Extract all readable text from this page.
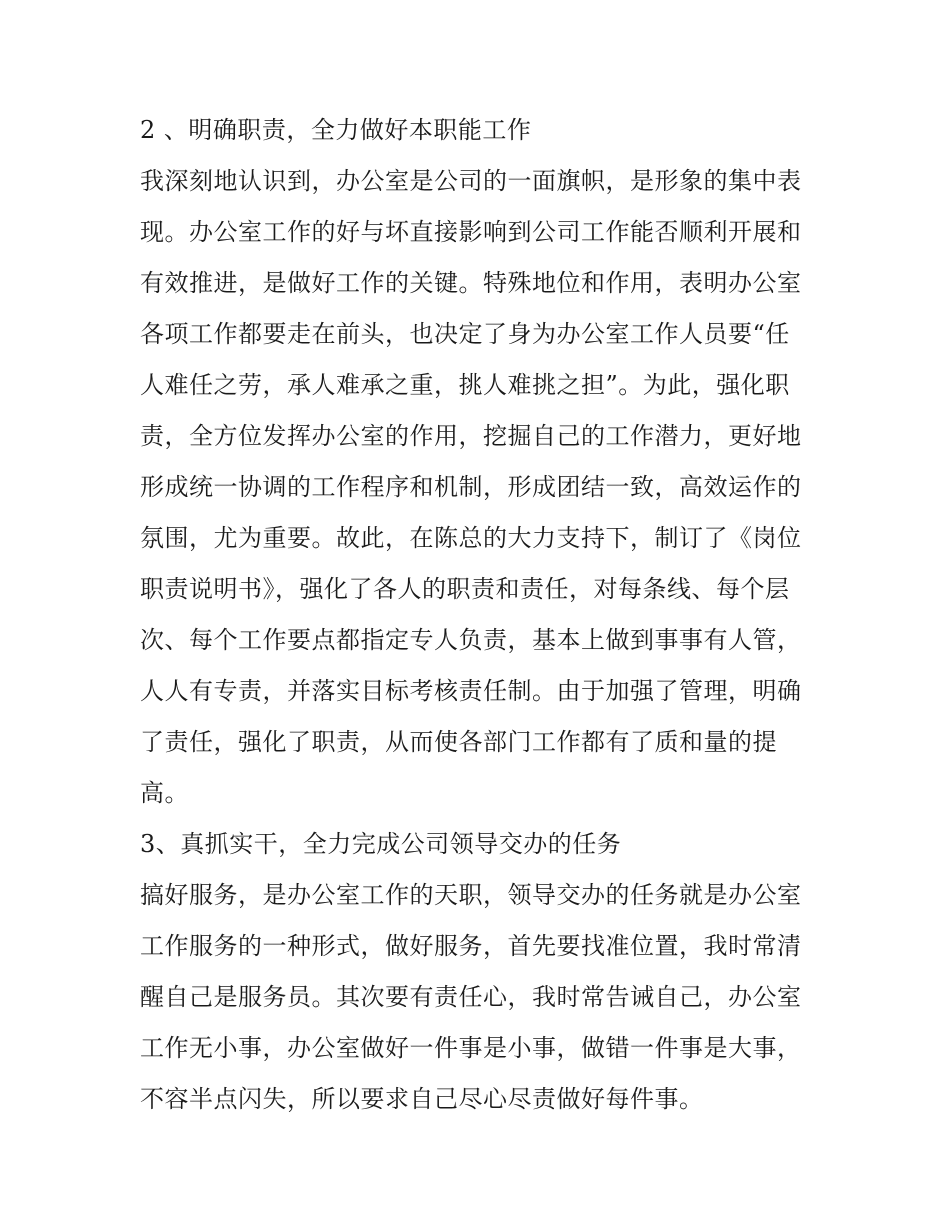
2 、明确职责，全力做好本职能工作
我深刻地认识到，办公室是公司的一面旗帜，是形象的集中表
现。办公室工作的好与坏直接影响到公司工作能否顺利开展和
有效推进，是做好工作的关键。特殊地位和作用，表明办公室
各项工作都要走在前头，也决定了身为办公室工作人员要“任
人难任之劳，承人难承之重，挑人难挑之担”。为此，强化职
责，全方位发挥办公室的作用，挖掘自己的工作潜力，更好地
形成统一协调的工作程序和机制，形成团结一致，高效运作的
氛围，尤为重要。故此，在陈总的大力支持下，制订了《岗位
职责说明书》，强化了各人的职责和责任，对每条线、每个层
次、每个工作要点都指定专人负责，基本上做到事事有人管，
人人有专责，并落实目标考核责任制。由于加强了管理，明确
了责任，强化了职责，从而使各部门工作都有了质和量的提
高。
3、真抓实干，全力完成公司领导交办的任务
搞好服务，是办公室工作的天职，领导交办的任务就是办公室
工作服务的一种形式，做好服务，首先要找准位置，我时常清
醒自己是服务员。其次要有责任心，我时常告诫自己，办公室
工作无小事，办公室做好一件事是小事，做错一件事是大事，
不容半点闪失，所以要求自己尽心尽责做好每件事。
